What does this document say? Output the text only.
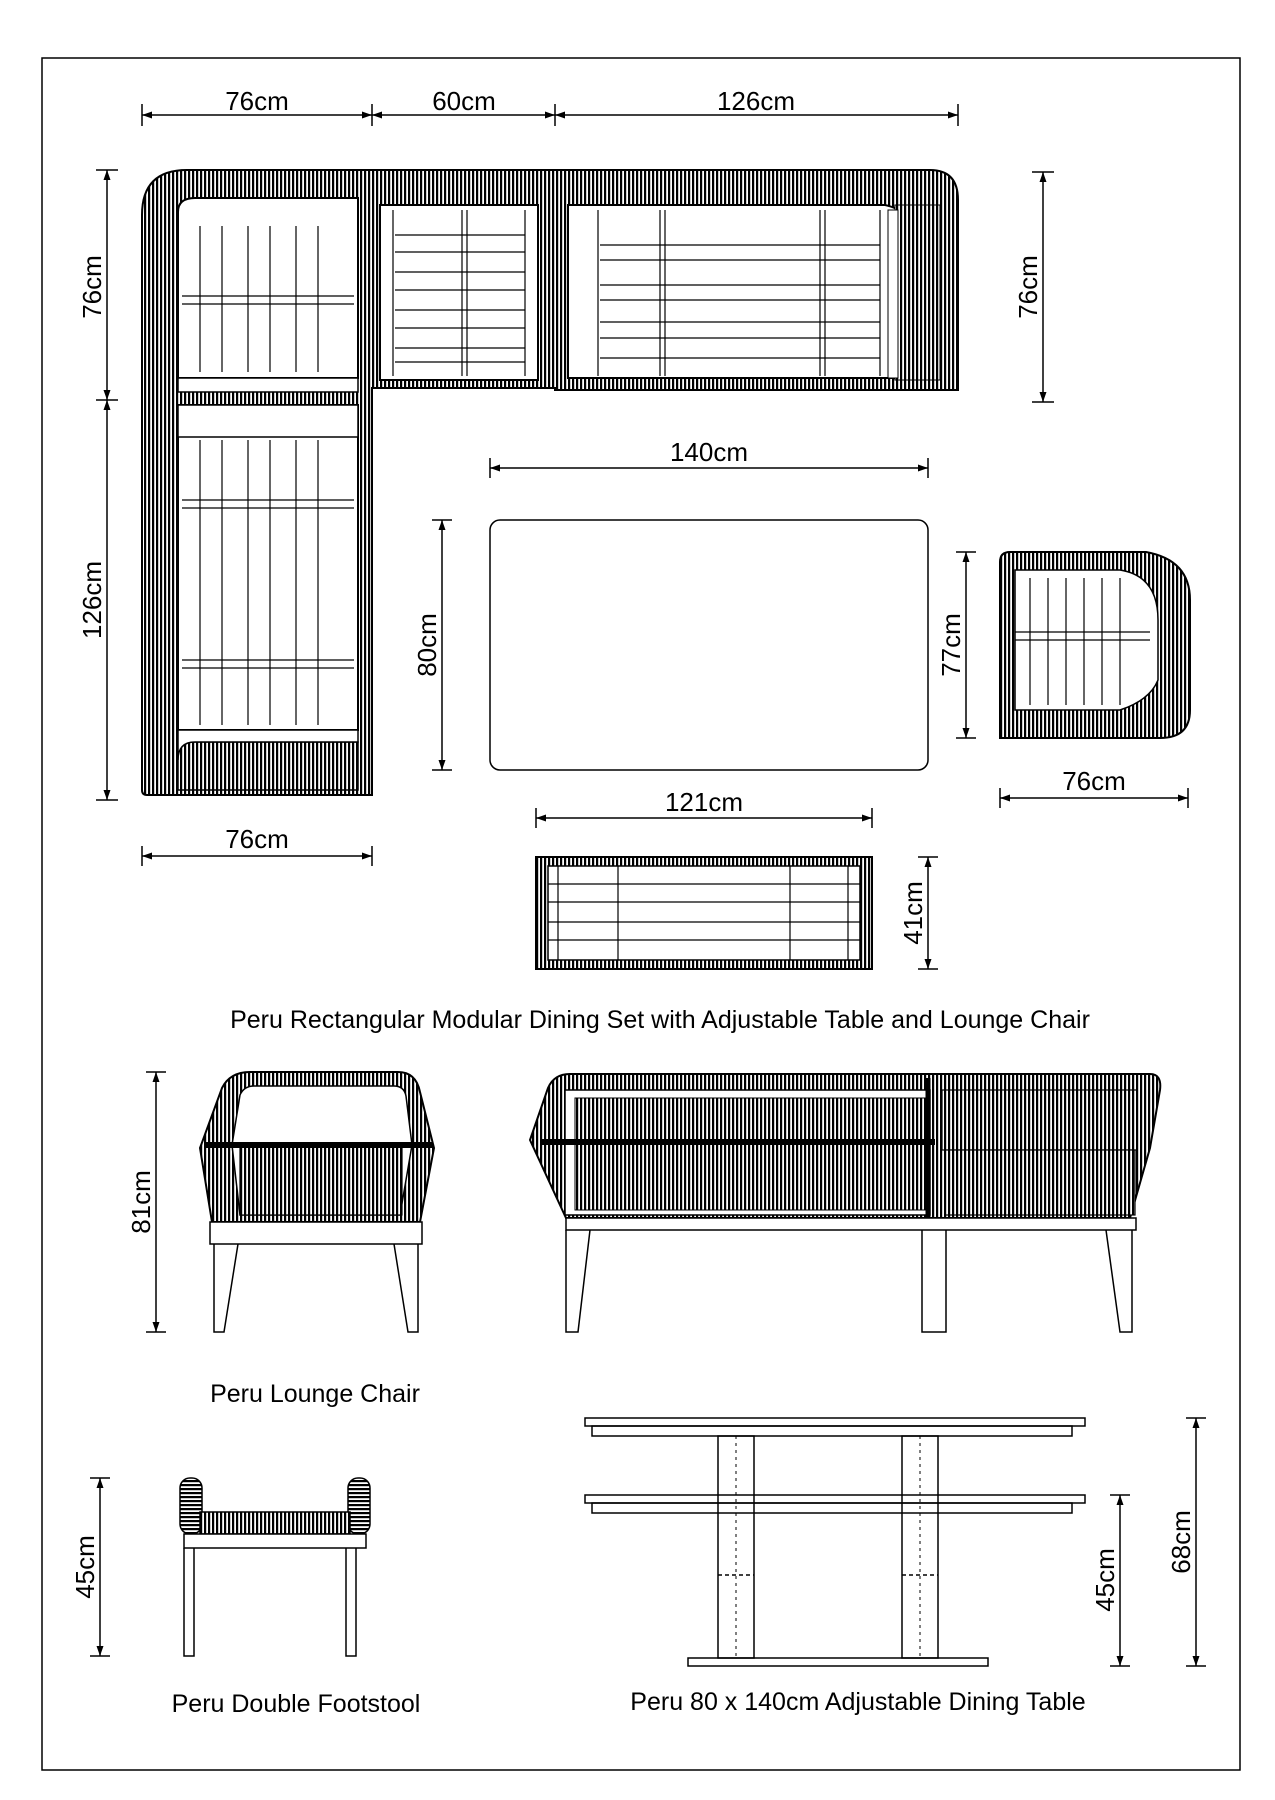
76cm	60cm	126cm
76cm
126cm
76cm
76cm
140cm
80cm	77cm
76cm
121cm
41cm
Peru Rectangular Modular Dining Set with Adjustable Table and Lounge Chair
81cm
Peru Lounge Chair
45cm
Peru Double Footstool
45cm
68cm
Peru 80 x 140cm Adjustable Dining Table
